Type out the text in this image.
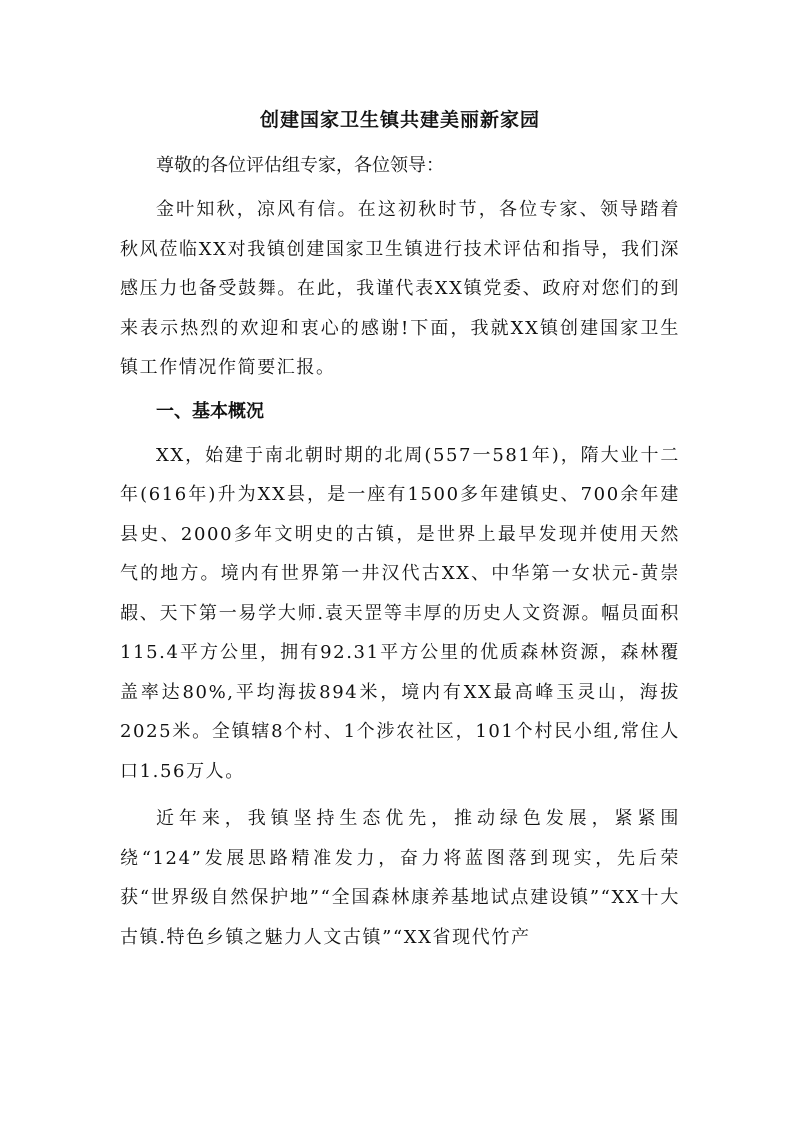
创建国家卫生镇共建美丽新家园

尊敬的各位评估组专家，各位领导：

金叶知秋，凉风有信。在这初秋时节，各位专家、领导踏着秋风莅临XX对我镇创建国家卫生镇进行技术评估和指导，我们深感压力也备受鼓舞。在此，我谨代表XX镇党委、政府对您们的到来表示热烈的欢迎和衷心的感谢!下面，我就XX镇创建国家卫生镇工作情况作简要汇报。

一、基本概况

XX，始建于南北朝时期的北周(557一581年)，隋大业十二年(616年)升为XX县，是一座有1500多年建镇史、700余年建县史、2000多年文明史的古镇，是世界上最早发现并使用天然气的地方。境内有世界第一井汉代古XX、中华第一女状元-黄崇嘏、天下第一易学大师.袁天罡等丰厚的历史人文资源。幅员面积115.4平方公里，拥有92.31平方公里的优质森林资源，森林覆盖率达80%,平均海拔894米，境内有XX最高峰玉灵山，海拔2025米。全镇辖8个村、1个涉农社区，101个村民小组,常住人口1.56万人。

近年来，我镇坚持生态优先，推动绿色发展，紧紧围绕“124”发展思路精准发力，奋力将蓝图落到现实，先后荣获“世界级自然保护地”“全国森林康养基地试点建设镇”“XX十大古镇.特色乡镇之魅力人文古镇”“XX省现代竹产
